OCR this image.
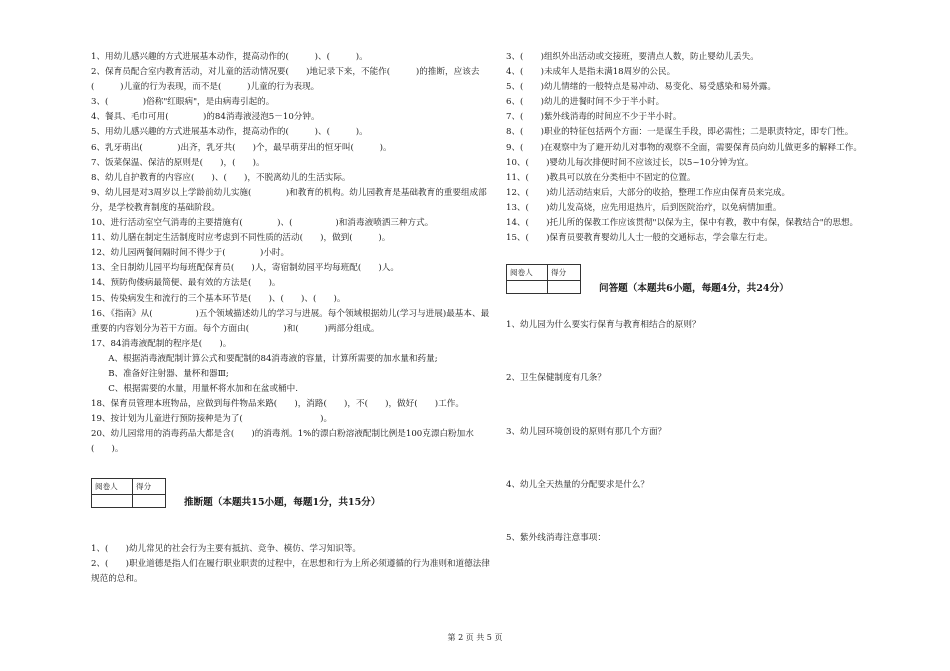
1、用幼儿感兴趣的方式进展基本动作，提高动作的(　　　)、(　　　)。

2、保育员配合室内教育活动，对儿童的活动情况要(　　)地记录下来，不能作(　　　)的推断，应该去(　　　)儿童的行为表现，而不是(　　　)儿童的行为表现。

3、(　　　　)俗称"红眼病"，是由病毒引起的。

4、餐具、毛巾可用(　　　　)的84消毒液浸泡5－10分钟。

5、用幼儿感兴趣的方式进展基本动作，提高动作的(　　　)、(　　　)。

6、乳牙萌出(　　　　)出齐，乳牙共(　　)个，最早萌芽出的恒牙叫(　　　)。

7、饭菜保温、保洁的原则是(　　)，(　　)。

8、幼儿自护教育的内容应(　　)、(　　)，不脱离幼儿的生活实际。

9、幼儿园是对3周岁以上学龄前幼儿实施(　　　　)和教育的机构。幼儿园教育是基础教育的重要组成部分，是学校教育制度的基础阶段。

10、进行活动室空气消毒的主要措施有(　　　　)、(　　　　　)和消毒液喷洒三种方式。

11、幼儿膳在制定生活制度时应考虑到不同性质的活动(　　)，做到(　　　)。

12、幼儿园两餐间隔时间不得少于(　　　　)小时。

13、全日制幼儿园平均每班配保育员(　　)人，寄宿制幼园平均每班配(　　)人。

14、预防佝偻病最简便、最有效的方法是(　　)。

15、传染病发生和流行的三个基本环节是(　　)、(　　)、(　　)。

16、《指南》从(　　　　　)五个领域描述幼儿的学习与进展。每个领域根据幼儿(学习与进展)最基本、最重要的内容划分为若干方面。每个方面由(　　　　)和(　　　)两部分组成。

17、84消毒液配制的程序是(　　)。

　　A、根据消毒液配制计算公式和要配制的84消毒液的容量，计算所需要的加水量和药量;

　　B、准备好注射器、量杯和器Ⅲ;

　　C、根据需要的水量，用量杯将水加和在盆或桶中.

18、保育员管理本班物品，应做到每件物品来路(　　)，消路(　　)，不(　　)，做好(　　)工作。

19、按计划为儿童进行预防接种是为了(　　　　　　　　　)。

20、幼儿园常用的消毒药品大都是含(　　)的消毒剂。1%的漂白粉溶液配制比例是100克漂白粉加水(　　)。

阅卷人	得分

推断题（本题共15小题，每题1分，共15分）

1、(　　)幼儿常见的社会行为主要有抵抗、竞争、模仿、学习知识等。

2、(　　)职业道德是指人们在履行职业职责的过程中，在思想和行为上所必须遵循的行为准则和道德法律规范的总和。

3、(　　)组织外出活动或交接班，要清点人数，防止婴幼儿丢失。

4、(　　)未成年人是指未满18周岁的公民。

5、(　　)幼儿情绪的一般特点是易冲动、易变化、易受感染和易外露。

6、(　　)幼儿的进餐时间不少于半小时。

7、(　　)紫外线消毒的时间应不少于半小时。

8、(　　)职业的特征包括两个方面：一是谋生手段，即必需性；二是职责特定，即专门性。

9、(　　)在观察中为了避开幼儿对事物的观察不全面，需要保育员向幼儿做更多的解释工作。

10、(　　)婴幼儿每次排便时间不应该过长，以5~10分钟为宜。

11、(　　)教具可以放在分类柜中不固定的位置。

12、(　　)幼儿活动结束后，大部分的收拾，整理工作应由保育员来完成。

13、(　　)幼儿发高烧，应先用退热片，后到医院治疗，以免病情加重。

14、(　　)托儿所的保教工作应该贯彻"以保为主，保中有教，教中有保，保教结合"的思想。

15、(　　)保育员要教育婴幼儿人士一般的交通标志，学会靠左行走。

阅卷人	得分

问答题（本题共6小题，每题4分，共24分）

1、幼儿园为什么要实行保育与教育相结合的原则？

2、卫生保健制度有几条？

3、幼儿园环境创设的原则有那几个方面？

4、幼儿全天热量的分配要求是什么？

5、紫外线消毒注意事项：

第 2 页 共 5 页
